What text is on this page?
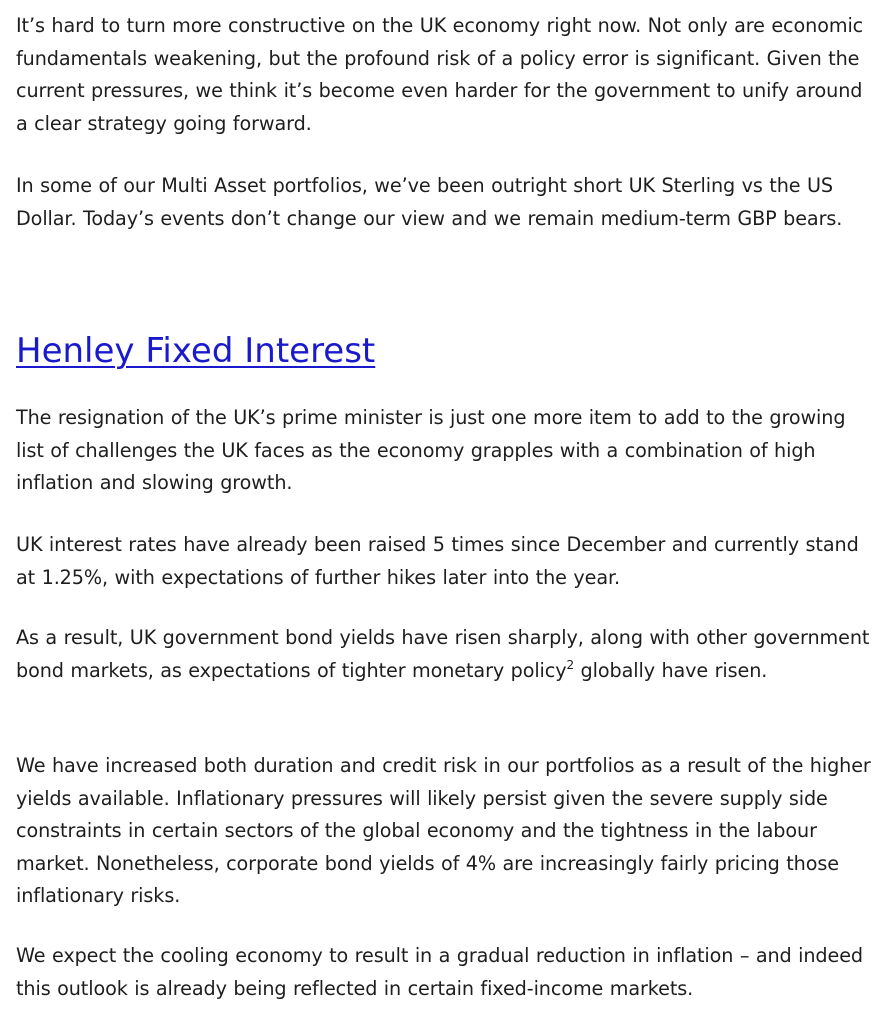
It’s hard to turn more constructive on the UK economy right now. Not only are economic fundamentals weakening, but the profound risk of a policy error is significant. Given the current pressures, we think it’s become even harder for the government to unify around a clear strategy going forward.

In some of our Multi Asset portfolios, we’ve been outright short UK Sterling vs the US Dollar. Today’s events don’t change our view and we remain medium-term GBP bears.

Henley Fixed Interest

The resignation of the UK’s prime minister is just one more item to add to the growing list of challenges the UK faces as the economy grapples with a combination of high inflation and slowing growth.

UK interest rates have already been raised 5 times since December and currently stand at 1.25%, with expectations of further hikes later into the year.

As a result, UK government bond yields have risen sharply, along with other government bond markets, as expectations of tighter monetary policy$^2$ globally have risen.

We have increased both duration and credit risk in our portfolios as a result of the higher yields available. Inflationary pressures will likely persist given the severe supply side constraints in certain sectors of the global economy and the tightness in the labour market. Nonetheless, corporate bond yields of 4% are increasingly fairly pricing those inflationary risks.

We expect the cooling economy to result in a gradual reduction in inflation – and indeed this outlook is already being reflected in certain fixed-income markets.
